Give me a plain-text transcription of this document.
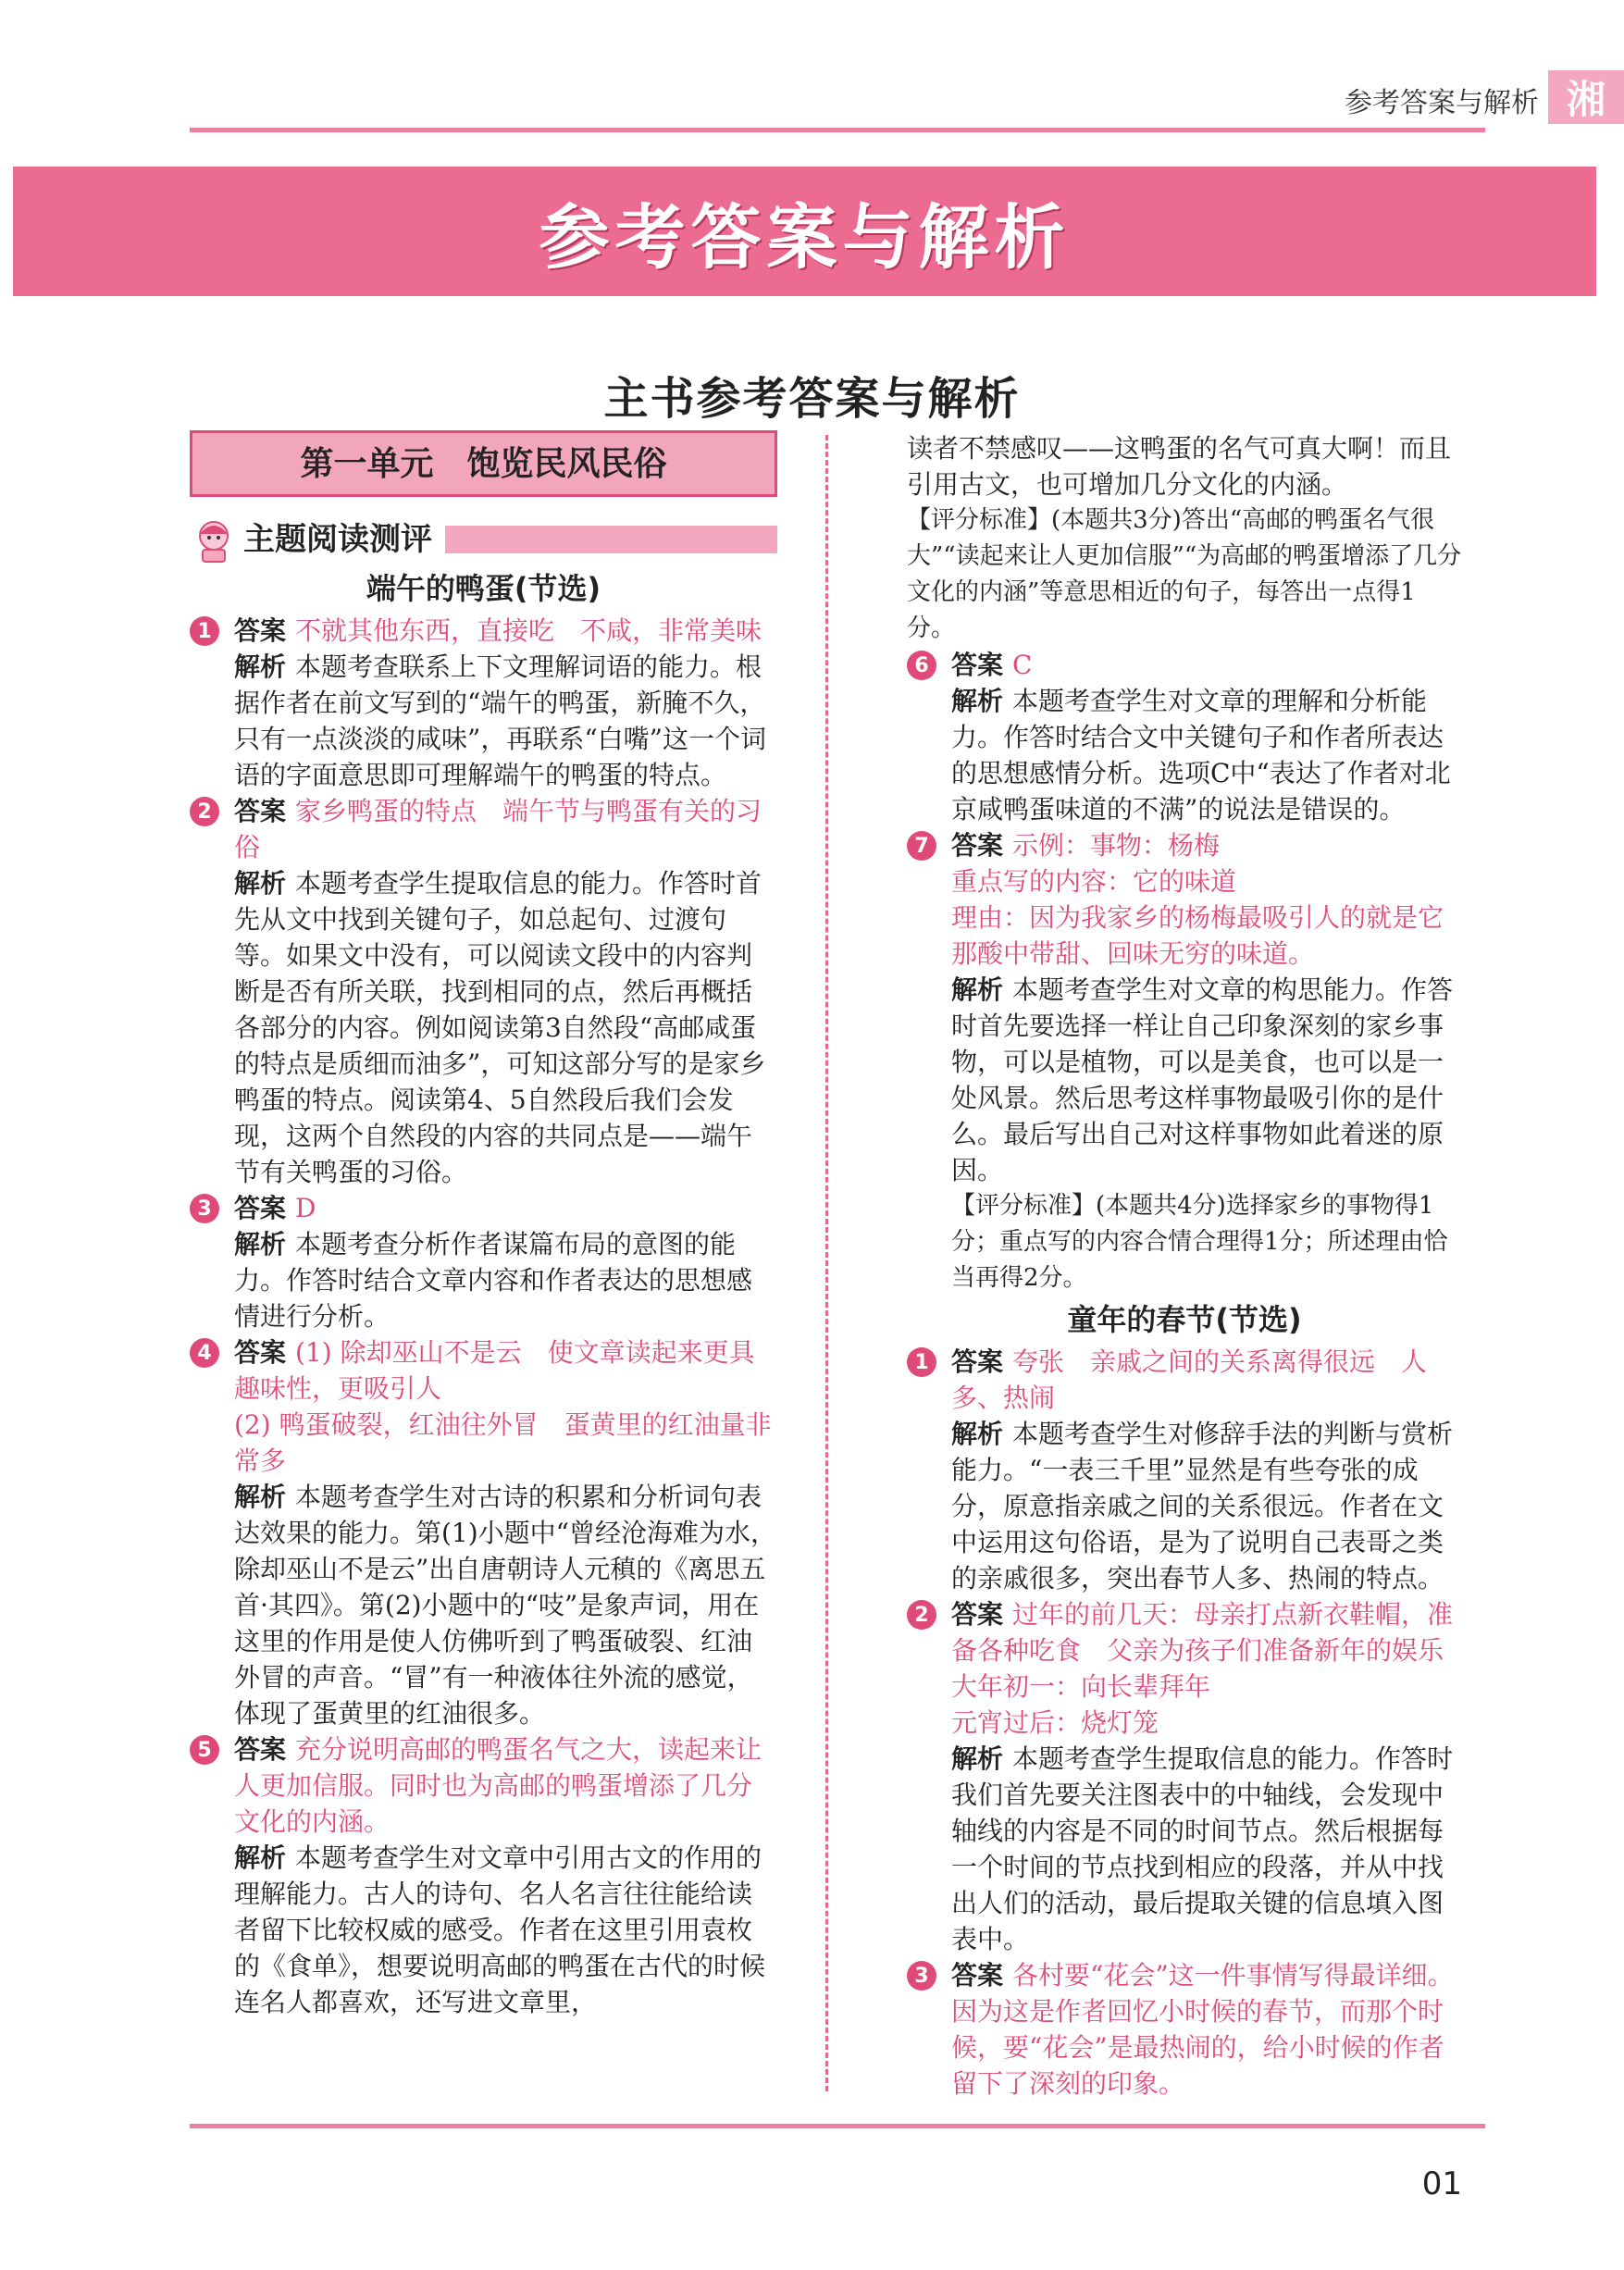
参考答案与解析 湘
参考答案与解析
主书参考答案与解析
第一单元　饱览民风民俗
主题阅读测评
端午的鸭蛋(节选)
1 答案 不就其他东西，直接吃　不咸，非常美味

解析 本题考查联系上下文理解词语的能力。根据作者在前文写到的“端午的鸭蛋，新腌不久，只有一点淡淡的咸味”，再联系“白嘴”这一个词语的字面意思即可理解端午的鸭蛋的特点。

2 答案 家乡鸭蛋的特点　端午节与鸭蛋有关的习俗

解析 本题考查学生提取信息的能力。作答时首先从文中找到关键句子，如总起句、过渡句等。如果文中没有，可以阅读文段中的内容判断是否有所关联，找到相同的点，然后再概括各部分的内容。例如阅读第3自然段“高邮咸蛋的特点是质细而油多”，可知这部分写的是家乡鸭蛋的特点。阅读第4、5自然段后我们会发现，这两个自然段的内容的共同点是——端午节有关鸭蛋的习俗。

3 答案 D

解析 本题考查分析作者谋篇布局的意图的能力。作答时结合文章内容和作者表达的思想感情进行分析。

4 答案 (1) 除却巫山不是云　使文章读起来更具趣味性，更吸引人

(2) 鸭蛋破裂，红油往外冒　蛋黄里的红油量非常多

解析 本题考查学生对古诗的积累和分析词句表达效果的能力。第(1)小题中“曾经沧海难为水，除却巫山不是云”出自唐朝诗人元稹的《离思五首·其四》。第(2)小题中的“吱”是象声词，用在这里的作用是使人仿佛听到了鸭蛋破裂、红油外冒的声音。“冒”有一种液体往外流的感觉，体现了蛋黄里的红油很多。

5 答案 充分说明高邮的鸭蛋名气之大，读起来让人更加信服。同时也为高邮的鸭蛋增添了几分文化的内涵。

解析 本题考查学生对文章中引用古文的作用的理解能力。古人的诗句、名人名言往往能给读者留下比较权威的感受。作者在这里引用袁枚的《食单》，想要说明高邮的鸭蛋在古代的时候连名人都喜欢，还写进文章里，

读者不禁感叹——这鸭蛋的名气可真大啊！而且引用古文，也可增加几分文化的内涵。

【评分标准】(本题共3分)答出“高邮的鸭蛋名气很大”“读起来让人更加信服”“为高邮的鸭蛋增添了几分文化的内涵”等意思相近的句子，每答出一点得1分。

6 答案 C

解析 本题考查学生对文章的理解和分析能力。作答时结合文中关键句子和作者所表达的思想感情分析。选项C中“表达了作者对北京咸鸭蛋味道的不满”的说法是错误的。

7 答案 示例：事物：杨梅

重点写的内容：它的味道

理由：因为我家乡的杨梅最吸引人的就是它那酸中带甜、回味无穷的味道。

解析 本题考查学生对文章的构思能力。作答时首先要选择一样让自己印象深刻的家乡事物，可以是植物，可以是美食，也可以是一处风景。然后思考这样事物最吸引你的是什么。最后写出自己对这样事物如此着迷的原因。

【评分标准】(本题共4分)选择家乡的事物得1分；重点写的内容合情合理得1分；所述理由恰当再得2分。

童年的春节(节选)
1 答案 夸张　亲戚之间的关系离得很远　人多、热闹

解析 本题考查学生对修辞手法的判断与赏析能力。“一表三千里”显然是有些夸张的成分，原意指亲戚之间的关系很远。作者在文中运用这句俗语，是为了说明自己表哥之类的亲戚很多，突出春节人多、热闹的特点。

2 答案 过年的前几天：母亲打点新衣鞋帽，准备各种吃食　父亲为孩子们准备新年的娱乐

大年初一：向长辈拜年

元宵过后：烧灯笼

解析 本题考查学生提取信息的能力。作答时我们首先要关注图表中的中轴线，会发现中轴线的内容是不同的时间节点。然后根据每一个时间的节点找到相应的段落，并从中找出人们的活动，最后提取关键的信息填入图表中。

3 答案 各村要“花会”这一件事情写得最详细。因为这是作者回忆小时候的春节，而那个时候，要“花会”是最热闹的，给小时候的作者留下了深刻的印象。

01
